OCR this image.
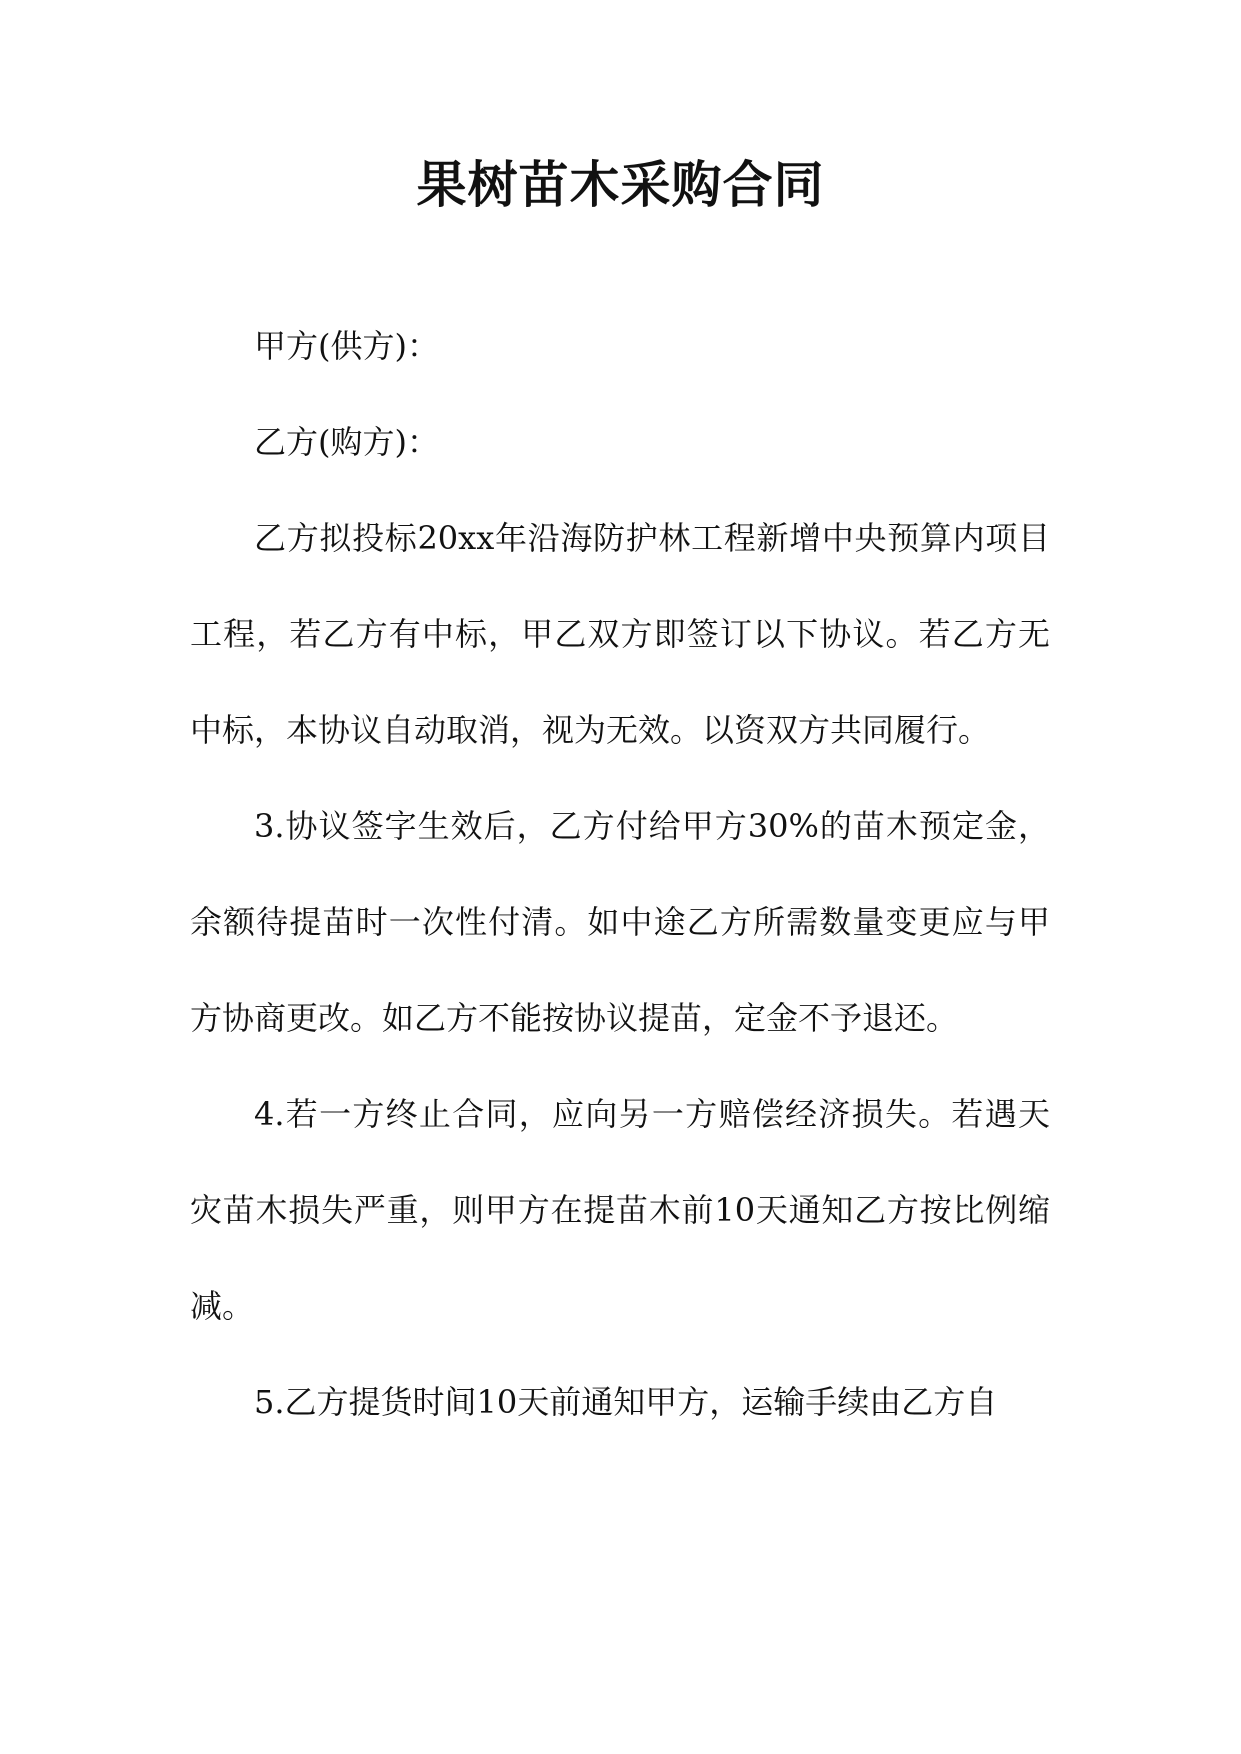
果树苗木采购合同

甲方(供方)：

乙方(购方)：

乙方拟投标20xx年沿海防护林工程新增中央预算内项目工程，若乙方有中标，甲乙双方即签订以下协议。若乙方无中标，本协议自动取消，视为无效。以资双方共同履行。

3.协议签字生效后，乙方付给甲方30%的苗木预定金，余额待提苗时一次性付清。如中途乙方所需数量变更应与甲方协商更改。如乙方不能按协议提苗，定金不予退还。

4.若一方终止合同，应向另一方赔偿经济损失。若遇天灾苗木损失严重，则甲方在提苗木前10天通知乙方按比例缩减。

5.乙方提货时间10天前通知甲方，运输手续由乙方自
